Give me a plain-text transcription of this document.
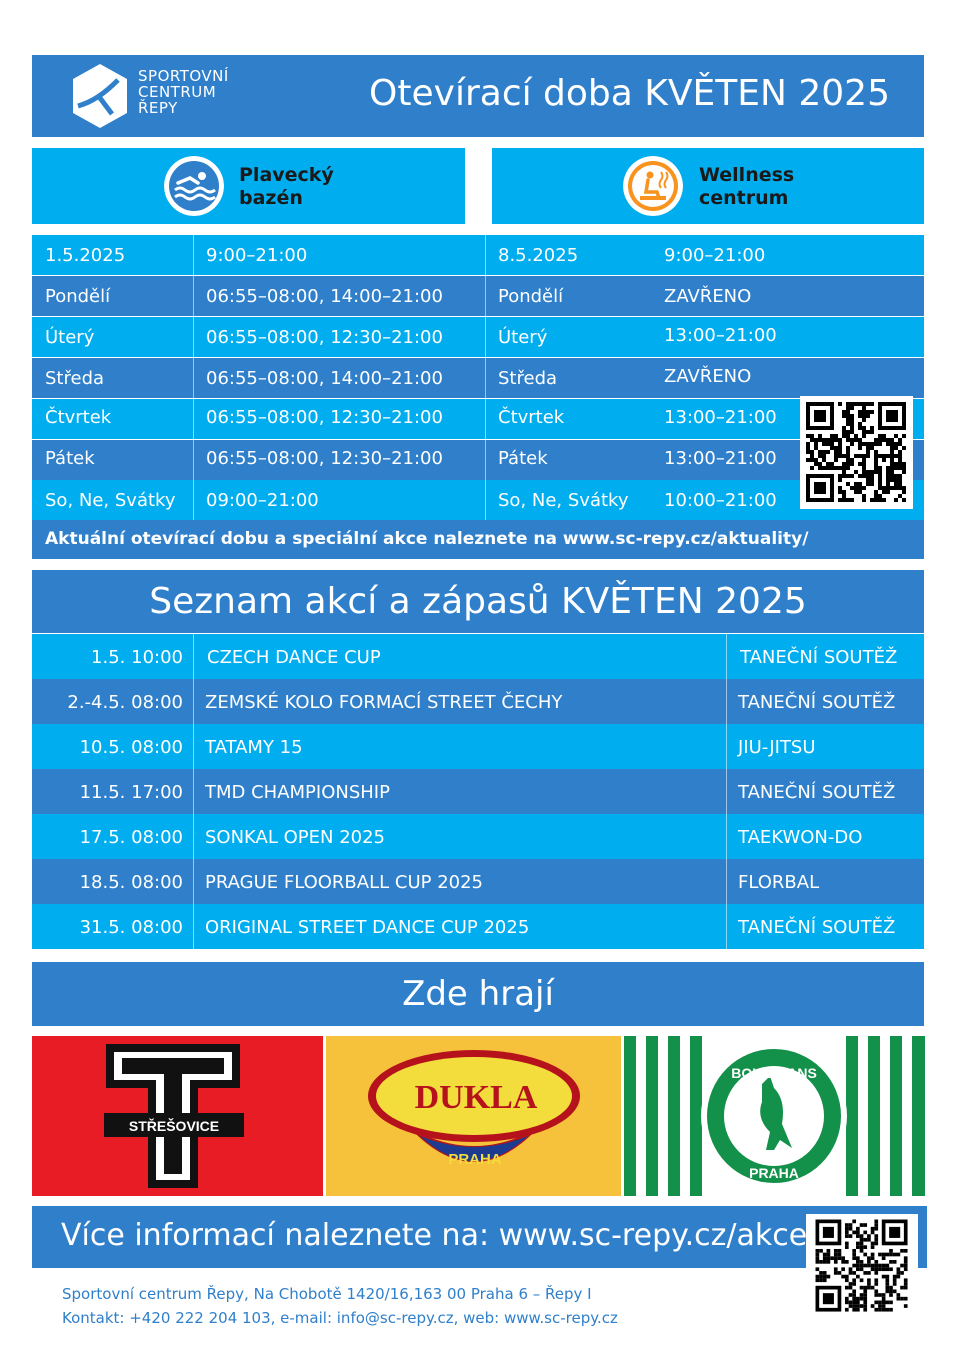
SPORTOVNÍ
CENTRUM
ŘEPY	Otevírací doba KVĚTEN 2025
Plavecký
bazén
Wellness
centrum
1.5.2025	9:00–21:00	8.5.2025	9:00–21:00
Pondělí	06:55–08:00, 14:00–21:00	Pondělí	ZAVŘENO
Úterý	06:55–08:00, 12:30–21:00	Úterý	13:00–21:00
Středa	06:55–08:00, 14:00–21:00	Středa	ZAVŘENO
Čtvrtek	06:55–08:00, 12:30–21:00	Čtvrtek	13:00–21:00
Pátek	06:55–08:00, 12:30–21:00	Pátek	13:00–21:00
So, Ne, Svátky 09:00–21:00	So, Ne, Svátky 10:00–21:00
Aktuální otevírací dobu a speciální akce naleznete na www.sc-repy.cz/aktuality/
Seznam akcí a zápasů KVĚTEN 2025
1.5. 10:00 CZECH DANCE CUP	TANEČNÍ SOUTĚŽ
2.-4.5. 08:00 ZEMSKÉ KOLO FORMACÍ STREET ČECHY	TANEČNÍ SOUTĚŽ
10.5. 08:00 TATAMY 15	JIU-JITSU
11.5. 17:00 TMD CHAMPIONSHIP	TANEČNÍ SOUTĚŽ
17.5. 08:00 SONKAL OPEN 2025	TAEKWON-DO
18.5. 08:00 PRAGUE FLOORBALL CUP 2025	FLORBAL
31.5. 08:00 ORIGINAL STREET DANCE CUP 2025	TANEČNÍ SOUTĚŽ
Zde hrají
STŘEŠOVICE
DUKLA
PRAHA
BOHEMIANS
PRAHA
Více informací naleznete na: www.sc-repy.cz/akce
Sportovní centrum Řepy, Na Chobotě 1420/16,163 00 Praha 6 – Řepy I
Kontakt: +420 222 204 103, e-mail: info@sc-repy.cz, web: www.sc-repy.cz
